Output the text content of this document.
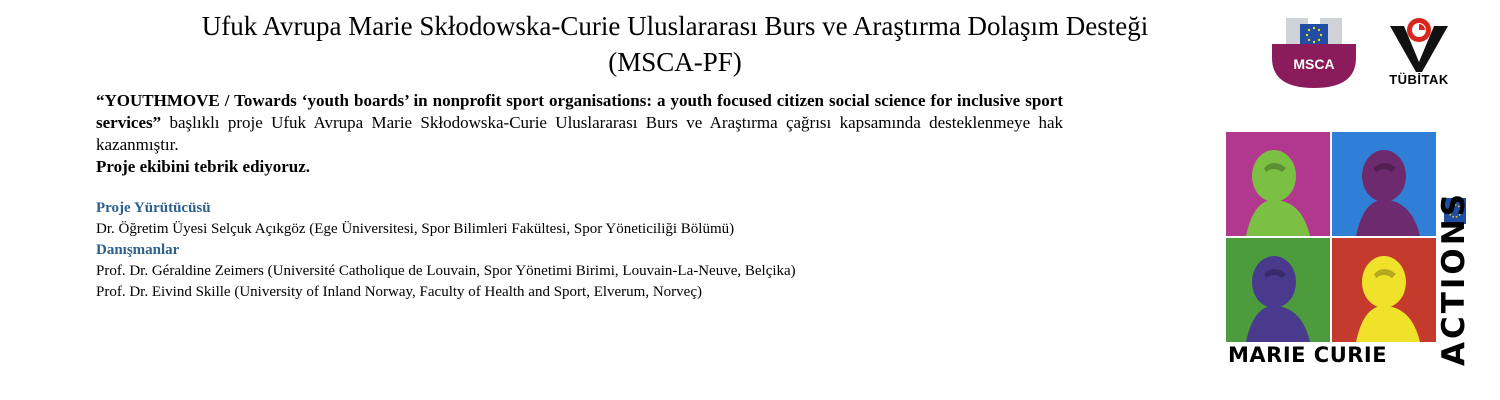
Ufuk Avrupa Marie Skłodowska-Curie Uluslararası Burs ve Araştırma Dolaşım Desteği
(MSCA-PF)
“YOUTHMOVE / Towards ‘youth boards’ in nonprofit sport organisations: a youth focused citizen social science for inclusive sport services” başlıklı proje Ufuk Avrupa Marie Skłodowska-Curie Uluslararası Burs ve Araştırma çağrısı kapsamında desteklenmeye hak kazanmıştır.
Proje ekibini tebrik ediyoruz.
Proje Yürütücüsü
Dr. Öğretim Üyesi Selçuk Açıkgöz (Ege Üniversitesi, Spor Bilimleri Fakültesi, Spor Yöneticiliği Bölümü)
Danışmanlar
Prof. Dr. Géraldine Zeimers (Université Catholique de Louvain, Spor Yönetimi Birimi, Louvain-La-Neuve, Belçika)
Prof. Dr. Eivind Skille (University of Inland Norway, Faculty of Health and Sport, Elverum, Norveç)
MSCA
TÜBİTAK
ACTIONS
MARIE CURIE
